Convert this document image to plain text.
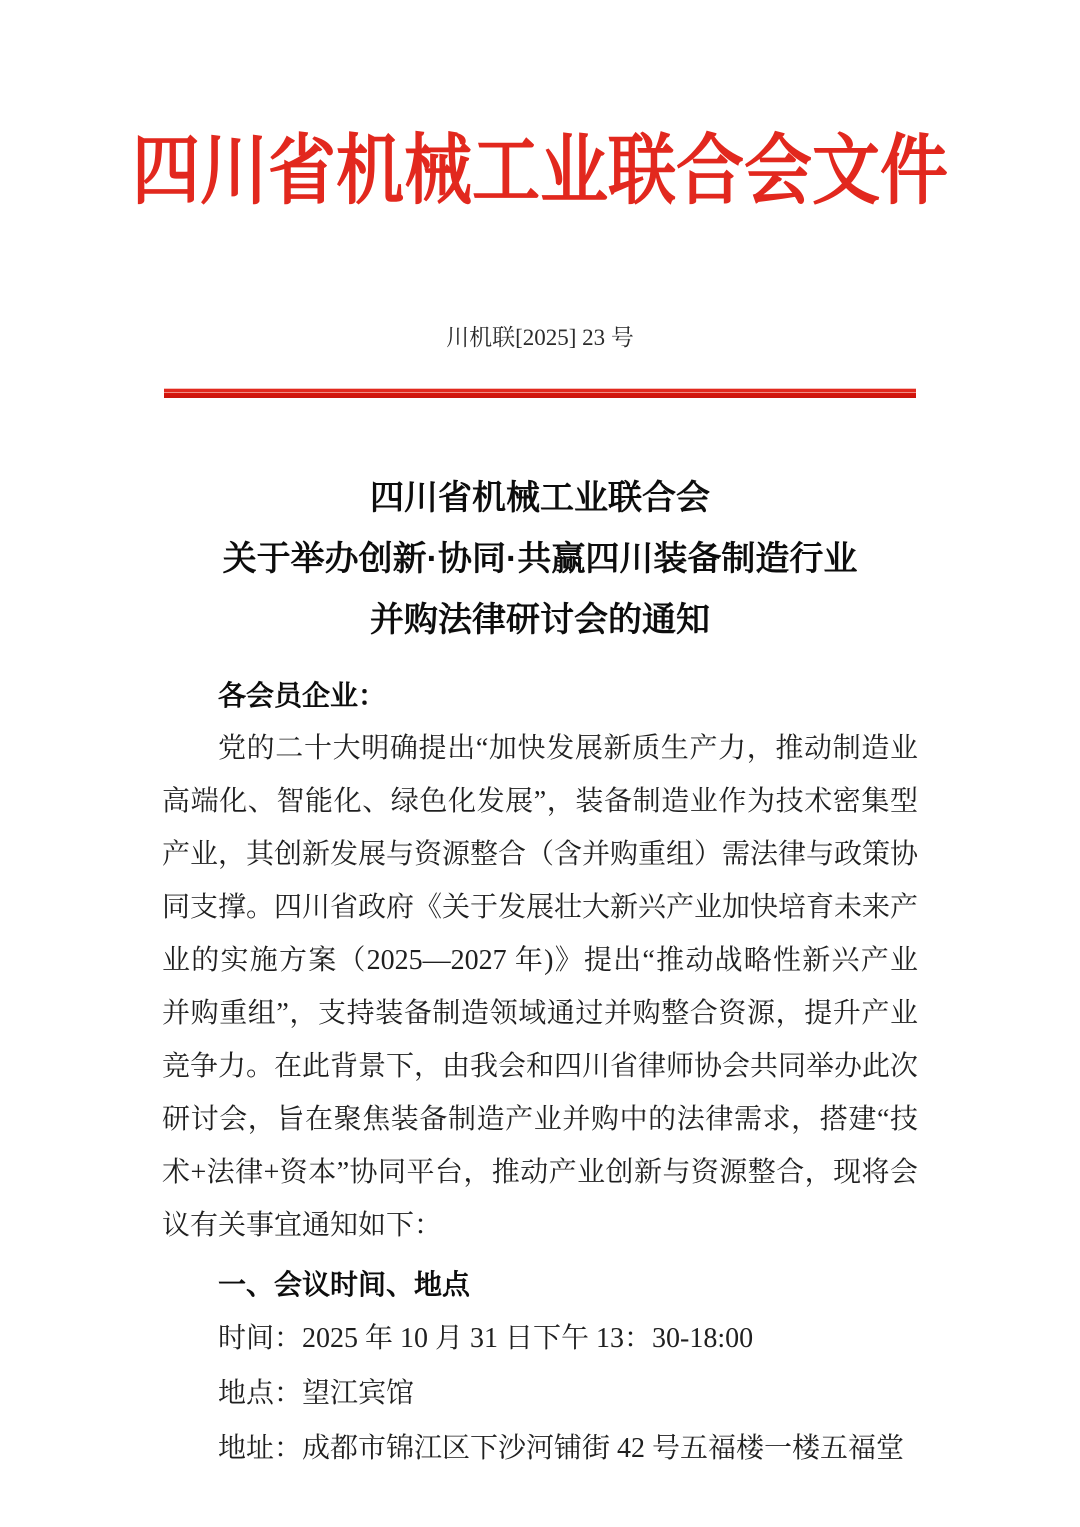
四川省机械工业联合会文件
川机联[2025] 23 号
四川省机械工业联合会
关于举办创新·协同·共赢四川装备制造行业
并购法律研讨会的通知

各会员企业：

党的二十大明确提出“加快发展新质生产力，推动制造业高端化、智能化、绿色化发展”，装备制造业作为技术密集型产业，其创新发展与资源整合（含并购重组）需法律与政策协同支撑。四川省政府《关于发展壮大新兴产业加快培育未来产业的实施方案（2025—2027 年)》提出“推动战略性新兴产业并购重组”，支持装备制造领域通过并购整合资源，提升产业竞争力。在此背景下，由我会和四川省律师协会共同举办此次研讨会，旨在聚焦装备制造产业并购中的法律需求，搭建“技术+法律+资本”协同平台，推动产业创新与资源整合，现将会议有关事宜通知如下：

一、会议时间、地点

时间：2025 年 10 月 31 日下午 13：30-18:00

地点：望江宾馆

地址：成都市锦江区下沙河铺街 42 号五福楼一楼五福堂
